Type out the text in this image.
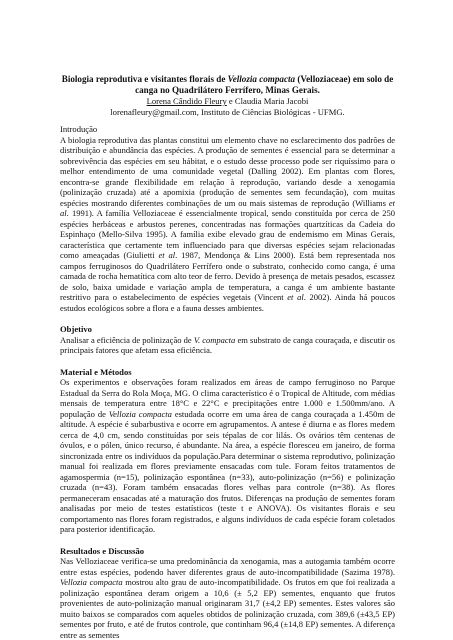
Biologia reprodutiva e visitantes florais de Vellozia compacta (Velloziaceae) em solo de canga no Quadrilátero Ferrífero, Minas Gerais.
Lorena Cândido Fleury e Claudia Maria Jacobi
lorenafleury@gmail.com, Instituto de Ciências Biológicas - UFMG.
Introdução

A biologia reprodutiva das plantas constitui um elemento chave no esclarecimento dos padrões de distribuição e abundância das espécies. A produção de sementes é essencial para se determinar a sobrevivência das espécies em seu hábitat, e o estudo desse processo pode ser riquíssimo para o melhor entendimento de uma comunidade vegetal (Dalling 2002). Em plantas com flores, encontra-se grande flexibilidade em relação à reprodução, variando desde a xenogamia (polinização cruzada) até a apomixia (produção de sementes sem fecundação), com muitas espécies mostrando diferentes combinações de um ou mais sistemas de reprodução (Williams et al. 1991). A família Velloziaceae é essencialmente tropical, sendo constituída por cerca de 250 espécies herbáceas e arbustos perenes, concentradas nas formações quartzíticas da Cadeia do Espinhaço (Mello-Silva 1995). A família exibe elevado grau de endemismo em Minas Gerais, característica que certamente tem influenciado para que diversas espécies sejam relacionadas como ameaçadas (Giulietti et al. 1987, Mendonça & Lins 2000). Está bem representada nos campos ferruginosos do Quadrilátero Ferrífero onde o substrato, conhecido como canga, é uma camada de rocha hematítica com alto teor de ferro. Devido à presença de metais pesados, escassez de solo, baixa umidade e variação ampla de temperatura, a canga é um ambiente bastante restritivo para o estabelecimento de espécies vegetais (Vincent et al. 2002). Ainda há poucos estudos ecológicos sobre a flora e a fauna desses ambientes.

Objetivo

Analisar a eficiência de polinização de V. compacta em substrato de canga couraçada, e discutir os principais fatores que afetam essa eficiência.

Material e Métodos

Os experimentos e observações foram realizados em áreas de campo ferruginoso no Parque Estadual da Serra do Rola Moça, MG. O clima característico é o Tropical de Altitude, com médias mensais de temperatura entre 18°C e 22°C e precipitações entre 1.000 e 1.500mm/ano. A população de Vellozia compacta estudada ocorre em uma área de canga couraçada a 1.450m de altitude. A espécie é subarbustiva e ocorre em agrupamentos. A antese é diurna e as flores medem cerca de 4,0 cm, sendo constituídas por seis tépalas de cor lilás. Os ovários têm centenas de óvulos, e o pólen, único recurso, é abundante. Na área, a espécie floresceu em janeiro, de forma sincronizada entre os indivíduos da população.Para determinar o sistema reprodutivo, polinização manual foi realizada em flores previamente ensacadas com tule. Foram feitos tratamentos de agamospermia (n=15), polinização espontânea (n=33), auto-polinização (n=56) e polinização cruzada (n=43). Foram também ensacadas flores velhas para controle (n=38). As flores permaneceram ensacadas até a maturação dos frutos. Diferenças na produção de sementes foram analisadas por meio de testes estatísticos (teste t e ANOVA). Os visitantes florais e seu comportamento nas flores foram registrados, e alguns indivíduos de cada espécie foram coletados para posterior identificação.

Resultados e Discussão

Nas Velloziaceae verifica-se uma predominância da xenogamia, mas a autogamia também ocorre entre estas espécies, podendo haver diferentes graus de auto-incompatibilidade (Sazima 1978). Vellozia compacta mostrou alto grau de auto-incompatibilidade. Os frutos em que foi realizada a polinização espontânea deram origem a 10,6 (± 5,2 EP) sementes, enquanto que frutos provenientes de auto-polinização manual originaram 31,7 (±4,2 EP) sementes. Estes valores são muito baixos se comparados com aqueles obtidos de polinização cruzada, com 389,6 (±43,5 EP) sementes por fruto, e até de frutos controle, que continham 96,4 (±14,8 EP) sementes. A diferença entre as sementes
